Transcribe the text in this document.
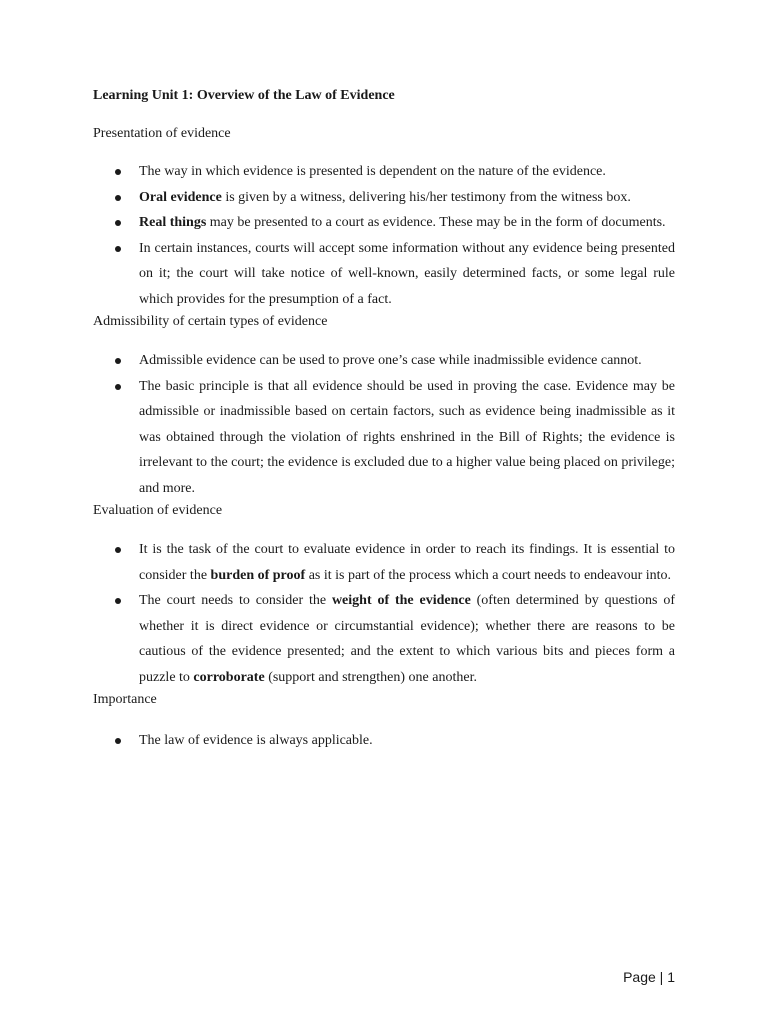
Learning Unit 1: Overview of the Law of Evidence

Presentation of evidence

The way in which evidence is presented is dependent on the nature of the evidence.
Oral evidence is given by a witness, delivering his/her testimony from the witness box.
Real things may be presented to a court as evidence. These may be in the form of documents.
In certain instances, courts will accept some information without any evidence being presented on it; the court will take notice of well-known, easily determined facts, or some legal rule which provides for the presumption of a fact.

Admissibility of certain types of evidence

Admissible evidence can be used to prove one’s case while inadmissible evidence cannot.
The basic principle is that all evidence should be used in proving the case. Evidence may be admissible or inadmissible based on certain factors, such as evidence being inadmissible as it was obtained through the violation of rights enshrined in the Bill of Rights; the evidence is irrelevant to the court; the evidence is excluded due to a higher value being placed on privilege; and more.

Evaluation of evidence

It is the task of the court to evaluate evidence in order to reach its findings. It is essential to consider the burden of proof as it is part of the process which a court needs to endeavour into.
The court needs to consider the weight of the evidence (often determined by questions of whether it is direct evidence or circumstantial evidence); whether there are reasons to be cautious of the evidence presented; and the extent to which various bits and pieces form a puzzle to corroborate (support and strengthen) one another.

Importance

The law of evidence is always applicable.
Page | 1
